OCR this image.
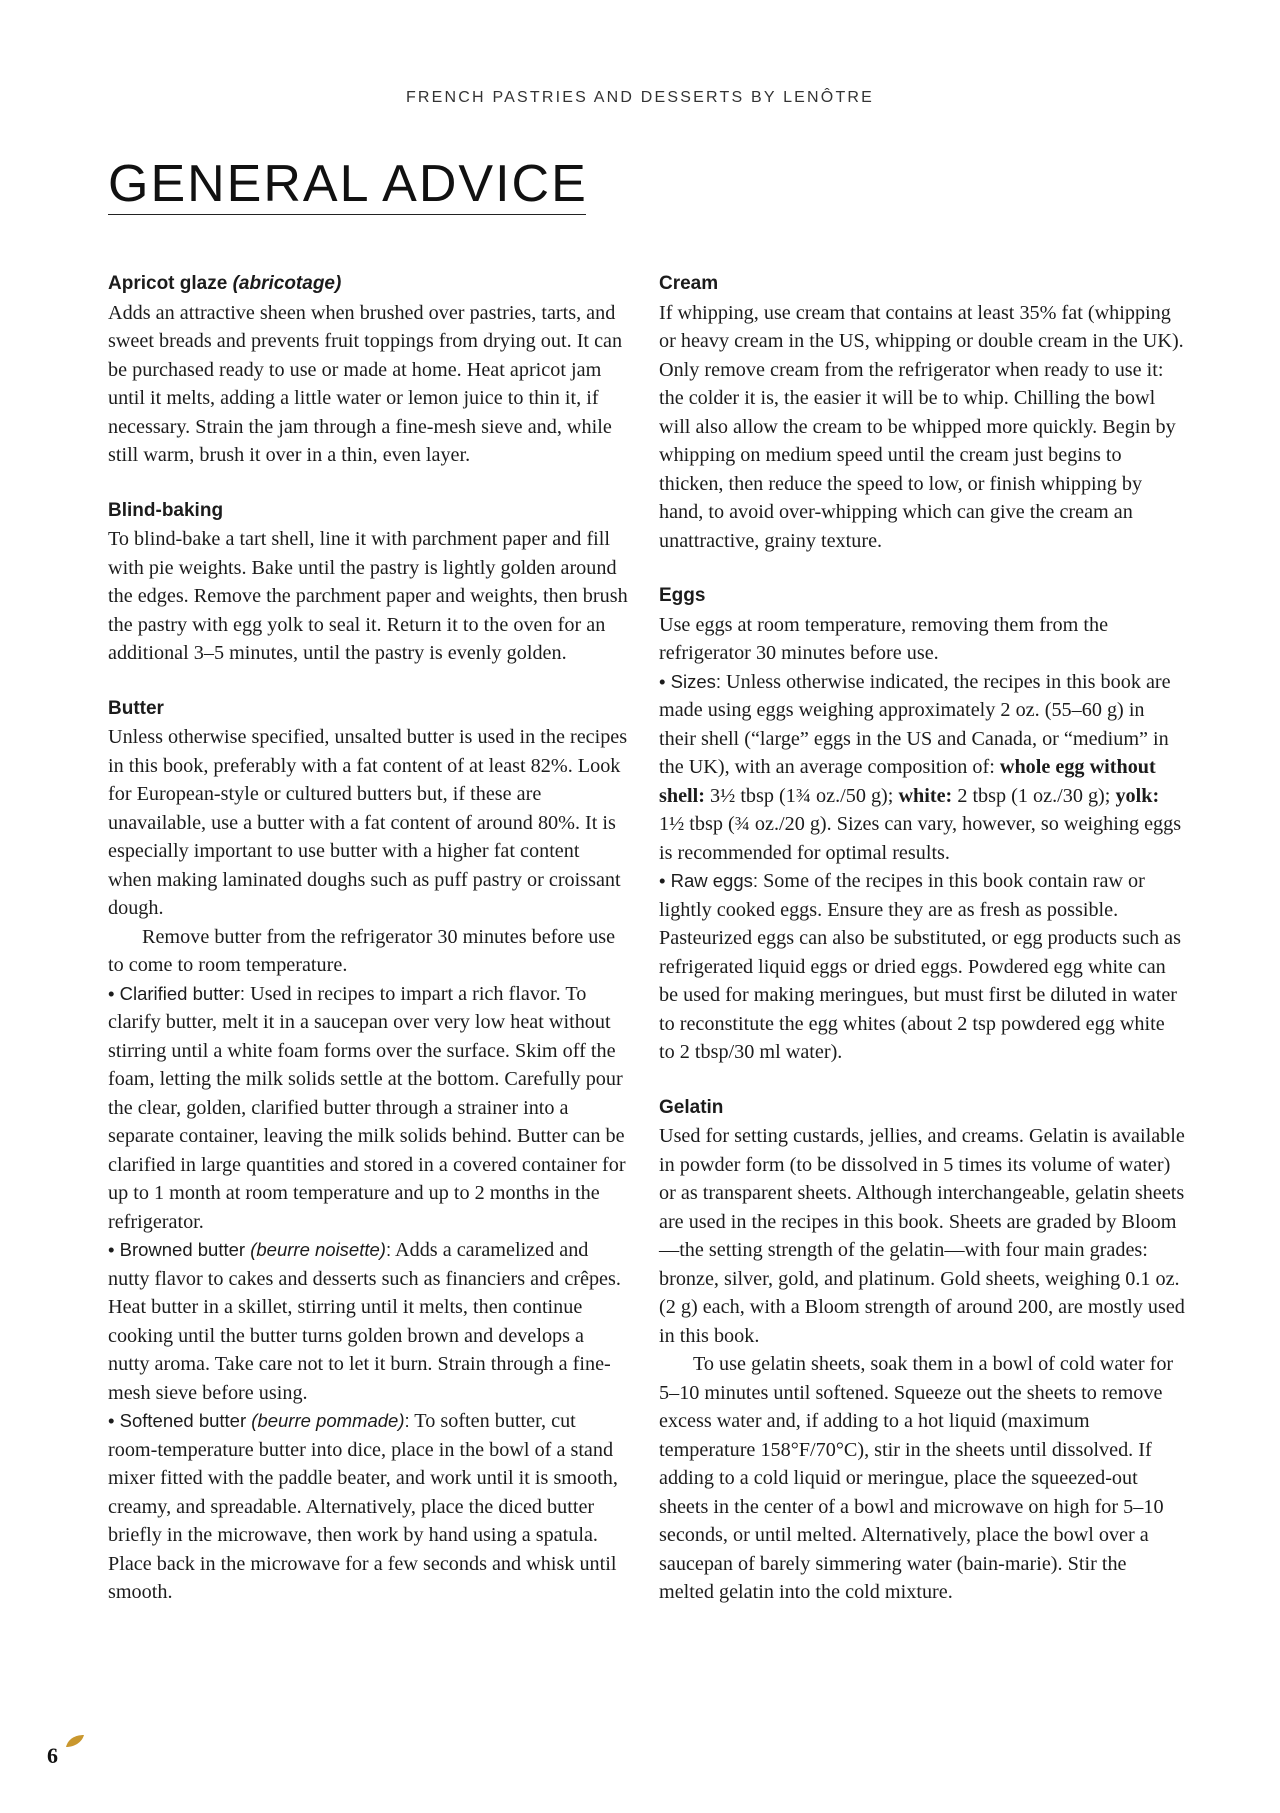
FRENCH PASTRIES AND DESSERTS BY LENÔTRE
GENERAL ADVICE

Apricot glaze (abricotage)

Adds an attractive sheen when brushed over pastries, tarts, and sweet breads and prevents fruit toppings from drying out. It can be purchased ready to use or made at home. Heat apricot jam until it melts, adding a little water or lemon juice to thin it, if necessary. Strain the jam through a fine-mesh sieve and, while still warm, brush it over in a thin, even layer.

Blind-baking

To blind-bake a tart shell, line it with parchment paper and fill with pie weights. Bake until the pastry is lightly golden around the edges. Remove the parchment paper and weights, then brush the pastry with egg yolk to seal it. Return it to the oven for an additional 3–5 minutes, until the pastry is evenly golden.

Butter

Unless otherwise specified, unsalted butter is used in the recipes in this book, preferably with a fat content of at least 82%. Look for European-style or cultured butters but, if these are unavailable, use a butter with a fat content of around 80%. It is especially important to use butter with a higher fat content when making laminated doughs such as puff pastry or croissant dough.

Remove butter from the refrigerator 30 minutes before use to come to room temperature.

• Clarified butter: Used in recipes to impart a rich flavor. To clarify butter, melt it in a saucepan over very low heat without stirring until a white foam forms over the surface. Skim off the foam, letting the milk solids settle at the bottom. Carefully pour the clear, golden, clarified butter through a strainer into a separate container, leaving the milk solids behind. Butter can be clarified in large quantities and stored in a covered container for up to 1 month at room temperature and up to 2 months in the refrigerator.

• Browned butter (beurre noisette): Adds a caramelized and nutty flavor to cakes and desserts such as financiers and crêpes. Heat butter in a skillet, stirring until it melts, then continue cooking until the butter turns golden brown and develops a nutty aroma. Take care not to let it burn. Strain through a fine-mesh sieve before using.

• Softened butter (beurre pommade): To soften butter, cut room-temperature butter into dice, place in the bowl of a stand mixer fitted with the paddle beater, and work until it is smooth, creamy, and spreadable. Alternatively, place the diced butter briefly in the microwave, then work by hand using a spatula. Place back in the microwave for a few seconds and whisk until smooth.

Cream

If whipping, use cream that contains at least 35% fat (whipping or heavy cream in the US, whipping or double cream in the UK). Only remove cream from the refrigerator when ready to use it: the colder it is, the easier it will be to whip. Chilling the bowl will also allow the cream to be whipped more quickly. Begin by whipping on medium speed until the cream just begins to thicken, then reduce the speed to low, or finish whipping by hand, to avoid over-whipping which can give the cream an unattractive, grainy texture.

Eggs

Use eggs at room temperature, removing them from the refrigerator 30 minutes before use.

• Sizes: Unless otherwise indicated, the recipes in this book are made using eggs weighing approximately 2 oz. (55–60 g) in their shell (“large” eggs in the US and Canada, or “medium” in the UK), with an average composition of: whole egg without shell: 3½ tbsp (1¾ oz./50 g); white: 2 tbsp (1 oz./30 g); yolk: 1½ tbsp (¾ oz./20 g). Sizes can vary, however, so weighing eggs is recommended for optimal results.

• Raw eggs: Some of the recipes in this book contain raw or lightly cooked eggs. Ensure they are as fresh as possible. Pasteurized eggs can also be substituted, or egg products such as refrigerated liquid eggs or dried eggs. Powdered egg white can be used for making meringues, but must first be diluted in water to reconstitute the egg whites (about 2 tsp powdered egg white to 2 tbsp/30 ml water).

Gelatin

Used for setting custards, jellies, and creams. Gelatin is available in powder form (to be dissolved in 5 times its volume of water) or as transparent sheets. Although interchangeable, gelatin sheets are used in the recipes in this book. Sheets are graded by Bloom—the setting strength of the gelatin—with four main grades: bronze, silver, gold, and platinum. Gold sheets, weighing 0.1 oz. (2 g) each, with a Bloom strength of around 200, are mostly used in this book.

To use gelatin sheets, soak them in a bowl of cold water for 5–10 minutes until softened. Squeeze out the sheets to remove excess water and, if adding to a hot liquid (maximum temperature 158°F/70°C), stir in the sheets until dissolved. If adding to a cold liquid or meringue, place the squeezed-out sheets in the center of a bowl and microwave on high for 5–10 seconds, or until melted. Alternatively, place the bowl over a saucepan of barely simmering water (bain-marie). Stir the melted gelatin into the cold mixture.

6
